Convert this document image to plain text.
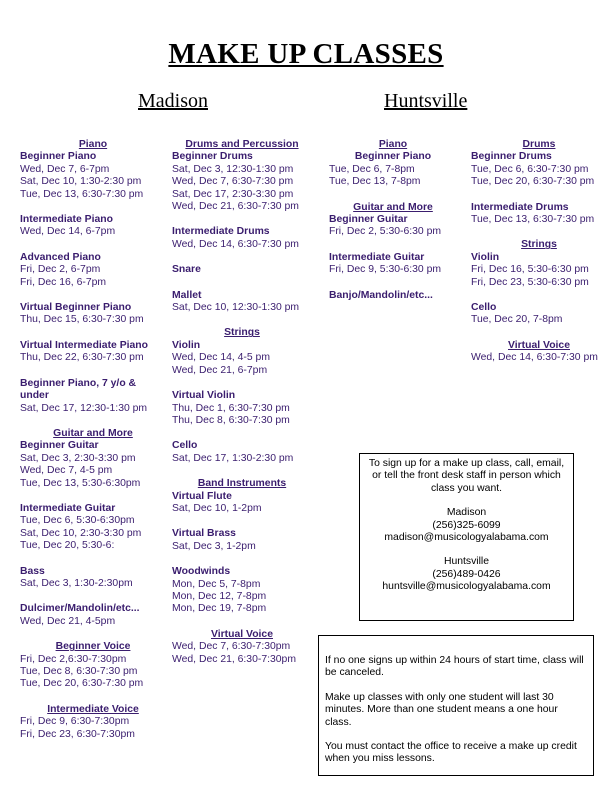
MAKE UP CLASSES
Madison	Huntsville
Piano
Beginner Piano
Wed, Dec 7, 6-7pm
Sat, Dec 10, 1:30-2:30 pm
Tue, Dec 13, 6:30-7:30 pm
Intermediate Piano
Wed, Dec 14, 6-7pm
Advanced Piano
Fri, Dec 2, 6-7pm
Fri, Dec 16, 6-7pm
Virtual Beginner Piano
Thu, Dec 15, 6:30-7:30 pm
Virtual Intermediate Piano
Thu, Dec 22, 6:30-7:30 pm
Beginner Piano, 7 y/o & under
Sat, Dec 17, 12:30-1:30 pm
Guitar and More
Beginner Guitar
Sat, Dec 3, 2:30-3:30 pm
Wed, Dec 7, 4-5 pm
Tue, Dec 13, 5:30-6:30pm
Intermediate Guitar
Tue, Dec 6, 5:30-6:30pm
Sat, Dec 10, 2:30-3:30 pm
Tue, Dec 20, 5:30-6:
Bass
Sat, Dec 3, 1:30-2:30pm
Dulcimer/Mandolin/etc...
Wed, Dec 21, 4-5pm
Beginner Voice
Fri, Dec 2,6:30-7:30pm
Tue, Dec 8, 6:30-7:30 pm
Tue, Dec 20, 6:30-7:30 pm
Intermediate Voice
Fri, Dec 9, 6:30-7:30pm
Fri, Dec 23, 6:30-7:30pm
Drums and Percussion
Beginner Drums
Sat, Dec 3, 12:30-1:30 pm
Wed, Dec 7, 6:30-7:30 pm
Sat, Dec 17, 2:30-3:30 pm
Wed, Dec 21, 6:30-7:30 pm
Intermediate Drums
Wed, Dec 14, 6:30-7:30 pm
Snare
Mallet
Sat, Dec 10, 12:30-1:30 pm
Strings
Violin
Wed, Dec 14, 4-5 pm
Wed, Dec 21, 6-7pm
Virtual Violin
Thu, Dec 1, 6:30-7:30 pm
Thu, Dec 8, 6:30-7:30 pm
Cello
Sat, Dec 17, 1:30-2:30 pm
Band Instruments
Virtual Flute
Sat, Dec 10, 1-2pm
Virtual Brass
Sat, Dec 3, 1-2pm
Woodwinds
Mon, Dec 5, 7-8pm
Mon, Dec 12, 7-8pm
Mon, Dec 19, 7-8pm
Virtual Voice
Wed, Dec 7, 6:30-7:30pm
Wed, Dec 21, 6:30-7:30pm
Piano
Beginner Piano
Tue, Dec 6, 7-8pm
Tue, Dec 13, 7-8pm
Guitar and More
Beginner Guitar
Fri, Dec 2, 5:30-6:30 pm
Intermediate Guitar
Fri, Dec 9, 5:30-6:30 pm
Banjo/Mandolin/etc...
Drums
Beginner Drums
Tue, Dec 6, 6:30-7:30 pm
Tue, Dec 20, 6:30-7:30 pm
Intermediate Drums
Tue, Dec 13, 6:30-7:30 pm
Strings
Violin
Fri, Dec 16, 5:30-6:30 pm
Fri, Dec 23, 5:30-6:30 pm
Cello
Tue, Dec 20, 7-8pm
Virtual Voice
Wed, Dec 14, 6:30-7:30 pm
To sign up for a make up class, call, email, or tell the front desk staff in person which class you want.
Madison
(256)325-6099
madison@musicologyalabama.com
Huntsville
(256)489-0426
huntsville@musicologyalabama.com
If no one signs up within 24 hours of start time, class will be canceled.
Make up classes with only one student will last 30 minutes. More than one student means a one hour class.
You must contact the office to receive a make up credit when you miss lessons.
